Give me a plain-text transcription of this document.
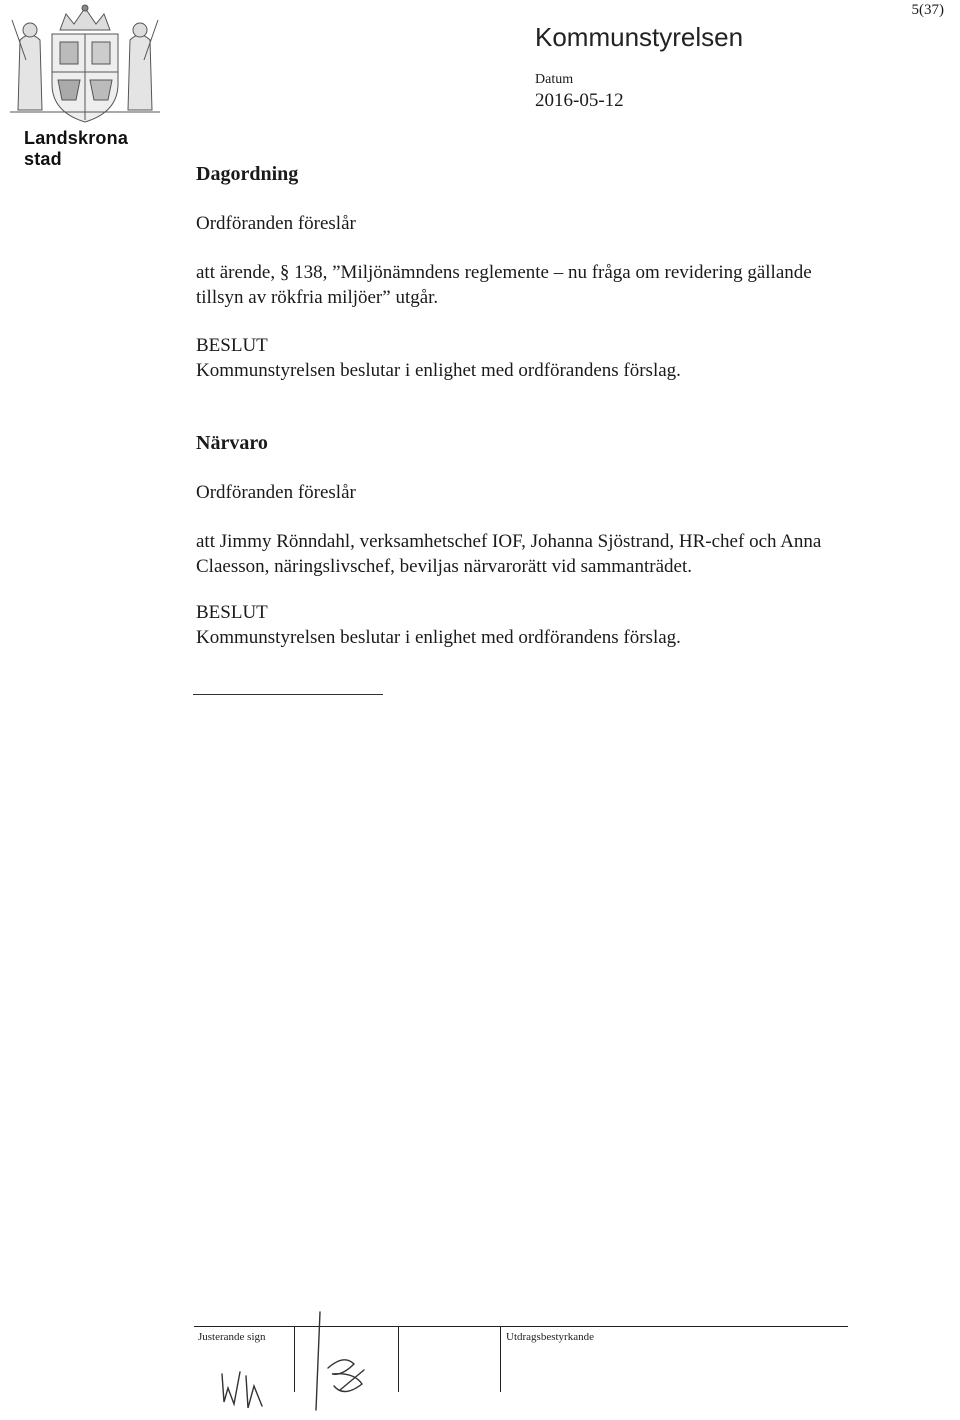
Landskrona stad
5(37)
Kommunstyrelsen
Datum
2016-05-12
Dagordning
Ordföranden föreslår
att ärende, § 138, ”Miljönämndens reglemente – nu fråga om revidering gällande
tillsyn av rökfria miljöer” utgår.
BESLUT
Kommunstyrelsen beslutar i enlighet med ordförandens förslag.
Närvaro
Ordföranden föreslår
att Jimmy Rönndahl, verksamhetschef IOF, Johanna Sjöstrand, HR-chef och Anna
Claesson, näringslivschef, beviljas närvarorätt vid sammanträdet.
BESLUT
Kommunstyrelsen beslutar i enlighet med ordförandens förslag.
Justerande sign	Utdragsbestyrkande
